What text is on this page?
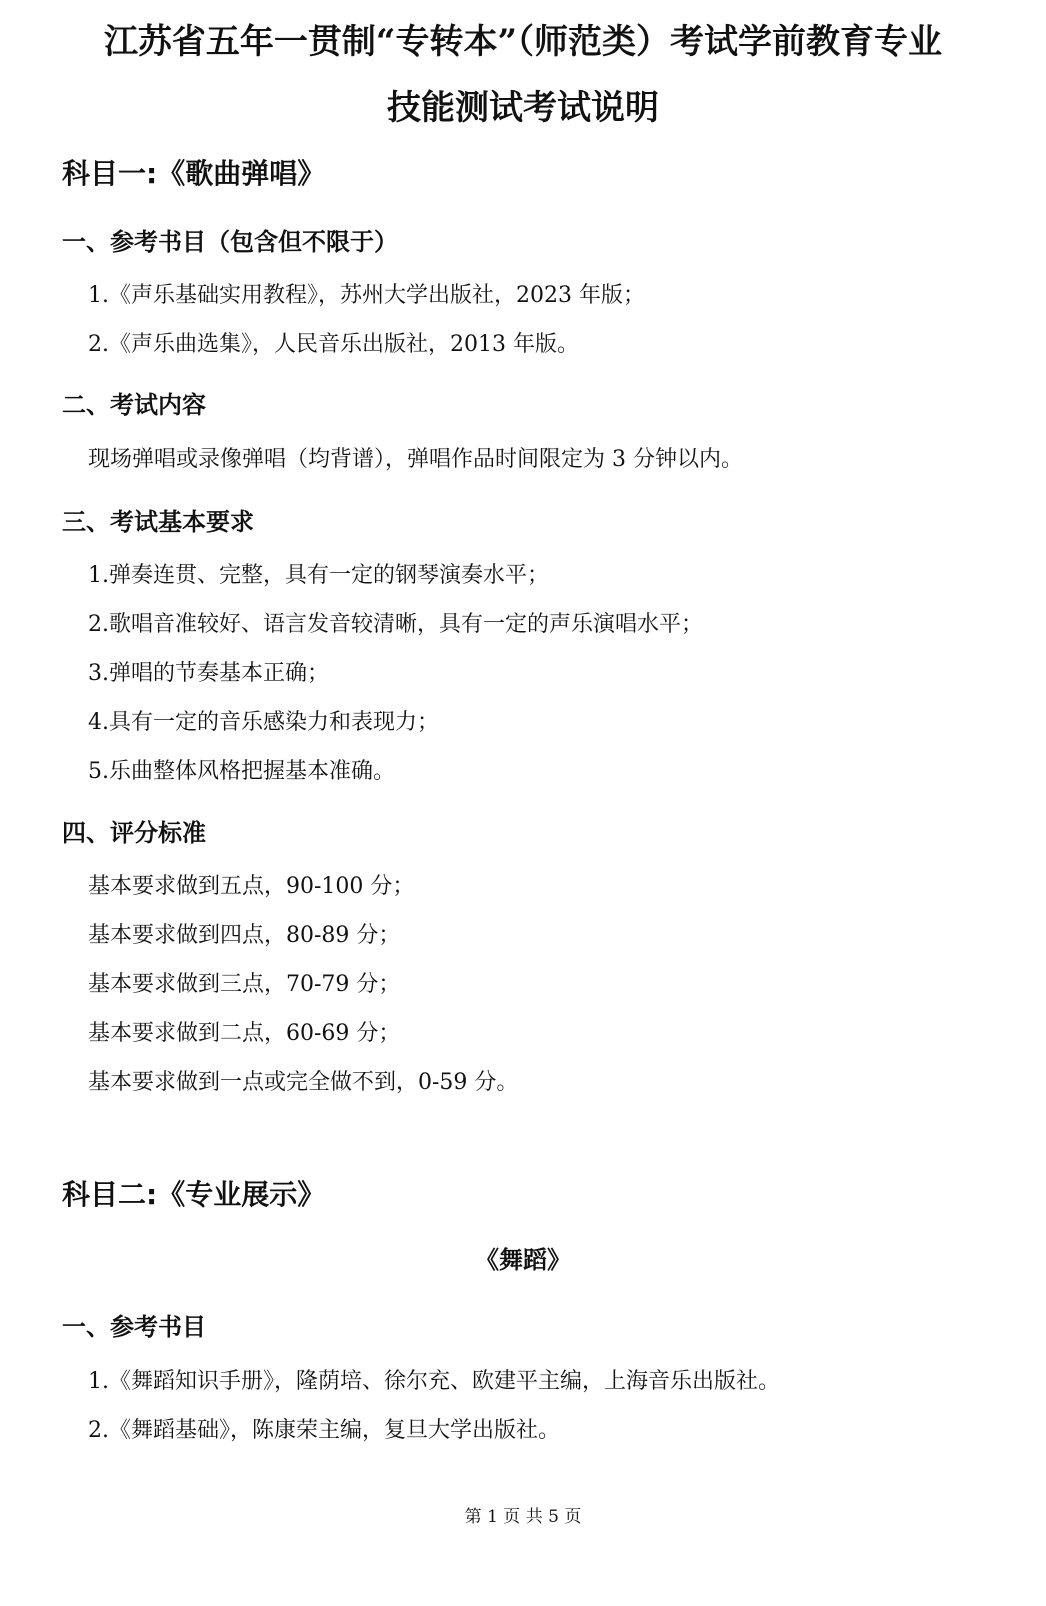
江苏省五年一贯制“专转本”（师范类）考试学前教育专业
技能测试考试说明
科目一:《歌曲弹唱》
一、参考书目（包含但不限于）
1.《声乐基础实用教程》，苏州大学出版社，2023 年版；
2.《声乐曲选集》，人民音乐出版社，2013 年版。
二、考试内容
现场弹唱或录像弹唱（均背谱），弹唱作品时间限定为 3 分钟以内。
三、考试基本要求
1.弹奏连贯、完整，具有一定的钢琴演奏水平；
2.歌唱音准较好、语言发音较清晰，具有一定的声乐演唱水平；
3.弹唱的节奏基本正确；
4.具有一定的音乐感染力和表现力；
5.乐曲整体风格把握基本准确。
四、评分标准
基本要求做到五点，90-100 分；
基本要求做到四点，80-89 分；
基本要求做到三点，70-79 分；
基本要求做到二点，60-69 分；
基本要求做到一点或完全做不到，0-59 分。
科目二:《专业展示》
《舞蹈》
一、参考书目
1.《舞蹈知识手册》，隆荫培、徐尔充、欧建平主编，上海音乐出版社。
2.《舞蹈基础》，陈康荣主编，复旦大学出版社。
第 1 页 共 5 页
